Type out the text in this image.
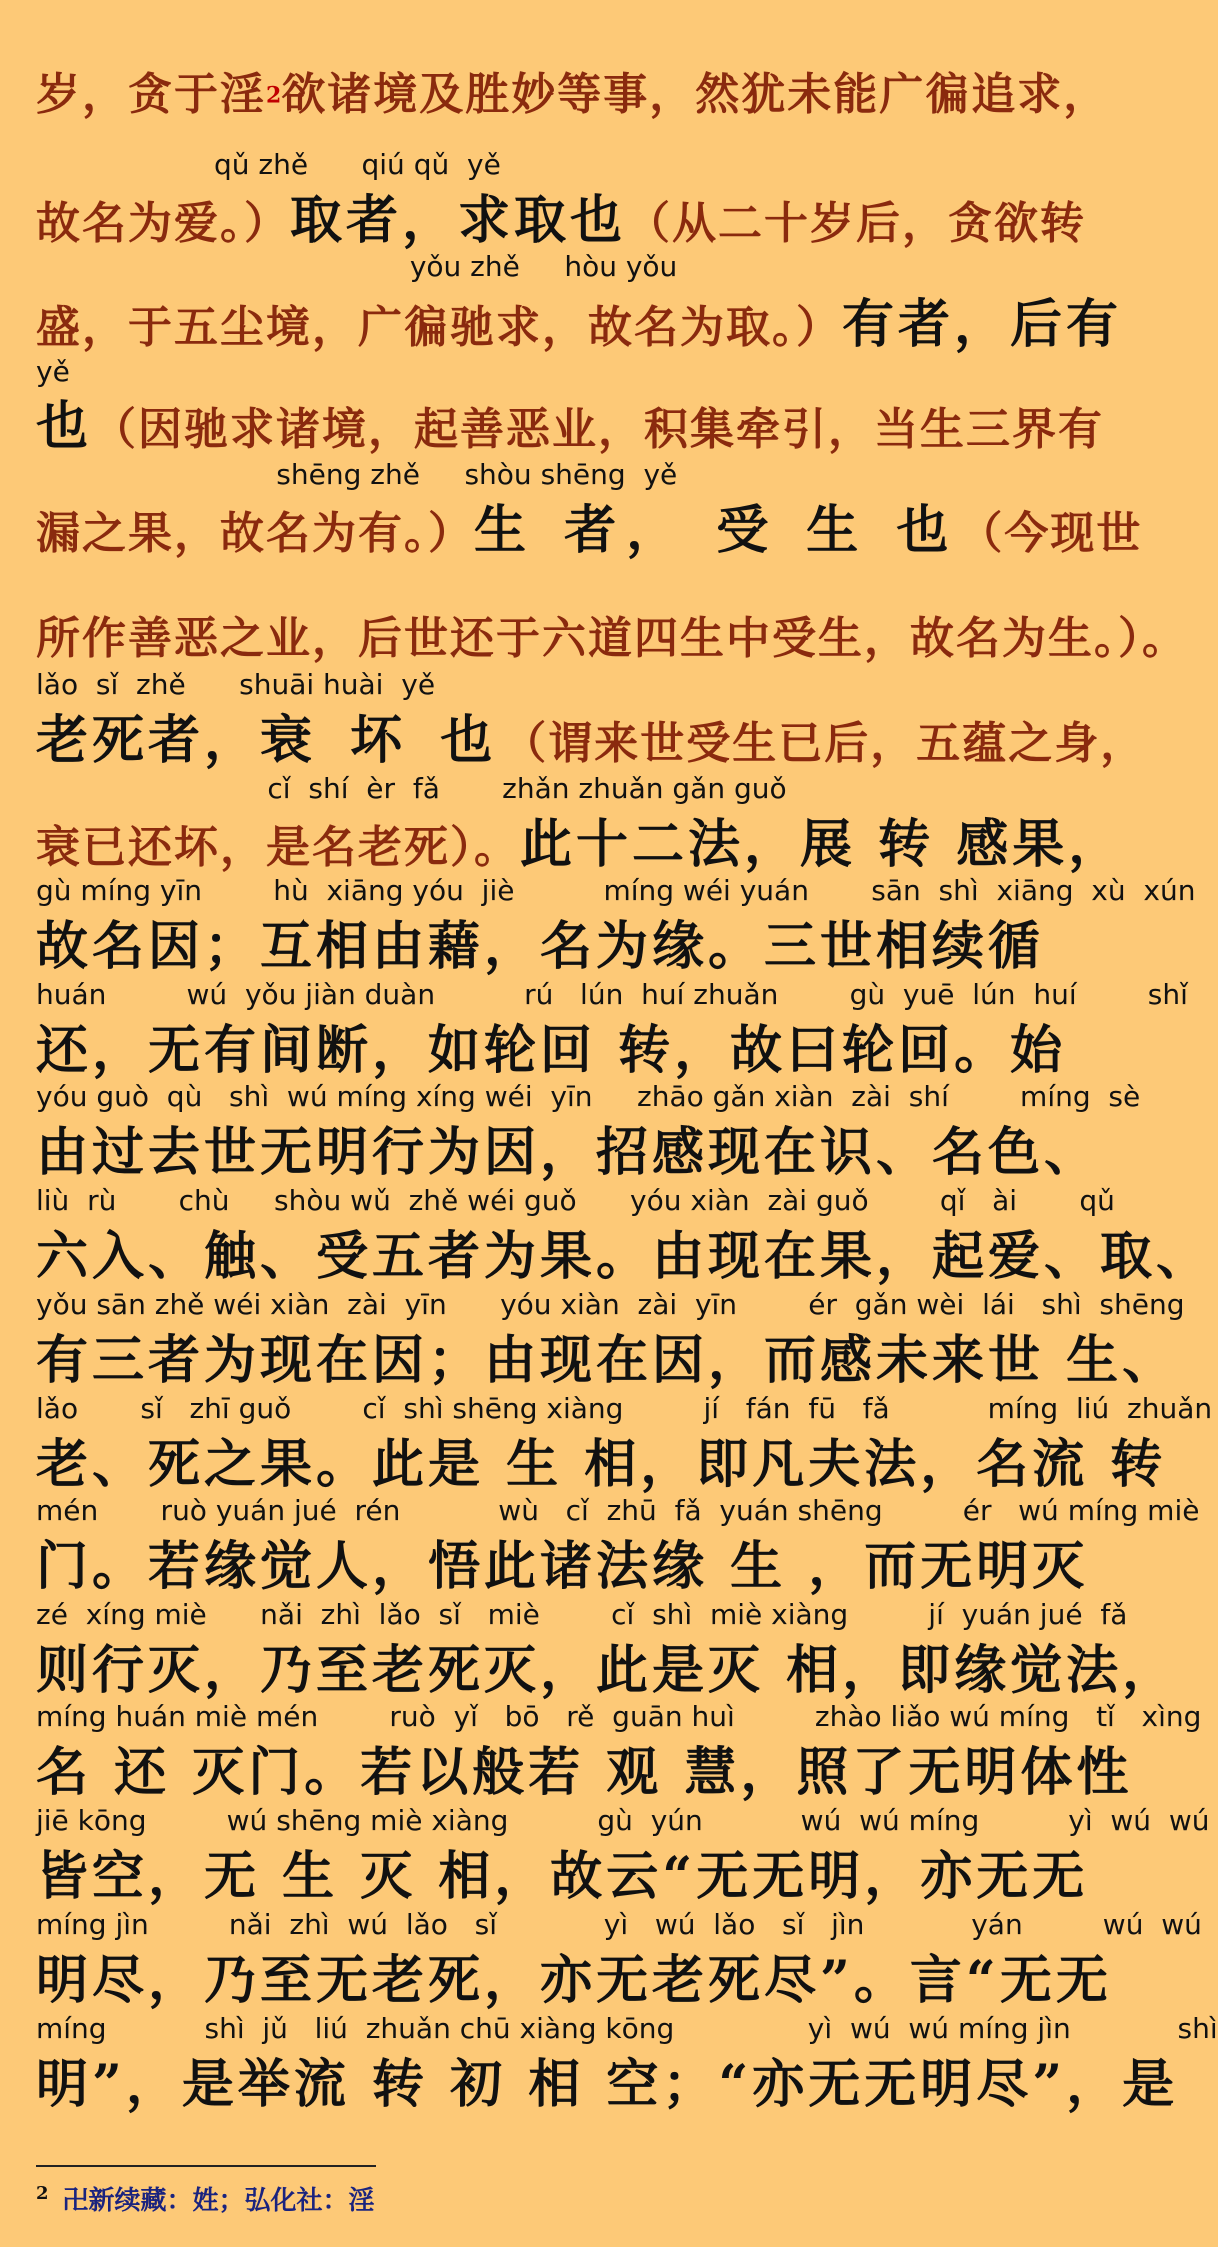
岁，贪于淫$^2$欲诸境及胜妙等事，然犹未能广徧追求，
qǔ zhě      qiú qǔ  yě
故名为爱。）取者，求取也（从二十岁后，贪欲转
yǒu zhě     hòu yǒu
盛，于五尘境，广徧驰求，故名为取。）有者，后有
yě
也（因驰求诸境，起善恶业，积集牵引，当生三界有
shēng zhě     shòu shēng  yě
漏之果，故名为有。）生 者， 受 生 也（今现世
所作善恶之业，后世还于六道四生中受生，故名为生。）。
lǎo  sǐ  zhě      shuāi huài  yě
老死者，衰 坏 也（谓来世受生已后，五蕴之身，
cǐ  shí  èr  fǎ       zhǎn zhuǎn gǎn guǒ
衰已还坏，是名老死）。此十二法，展 转 感果，
gù míng yīn        hù  xiāng yóu  jiè          míng wéi yuán       sān  shì  xiāng  xù  xún
故名因；互相由藉，名为缘。三世相续循
huán         wú  yǒu jiàn duàn          rú   lún  huí zhuǎn        gù  yuē  lún  huí        shǐ
还，无有间断，如轮回 转，故曰轮回。始
yóu guò  qù   shì  wú míng xíng wéi  yīn     zhāo gǎn xiàn  zài  shí        míng  sè
由过去世无明行为因，招感现在识、名色、
liù  rù       chù     shòu wǔ  zhě wéi guǒ      yóu xiàn  zài guǒ        qǐ   ài       qǔ
六入、触、受五者为果。由现在果，起爱、取、
yǒu sān zhě wéi xiàn  zài  yīn      yóu xiàn  zài  yīn        ér  gǎn wèi  lái   shì  shēng
有三者为现在因；由现在因，而感未来世 生、
lǎo       sǐ   zhī guǒ        cǐ  shì shēng xiàng         jí   fán  fū   fǎ           míng  liú  zhuǎn
老、死之果。此是 生 相，即凡夫法，名流 转
mén       ruò yuán jué  rén           wù   cǐ  zhū  fǎ  yuán shēng         ér   wú míng miè
门。若缘觉人，悟此诸法缘 生 ，而无明灭
zé  xíng miè      nǎi  zhì  lǎo  sǐ   miè        cǐ  shì  miè xiàng         jí  yuán jué  fǎ
则行灭，乃至老死灭，此是灭 相，即缘觉法，
míng huán miè mén        ruò  yǐ   bō   rě  guān huì         zhào liǎo wú míng   tǐ   xìng
名 还 灭门。若以般若 观 慧，照了无明体性
jiē kōng         wú shēng miè xiàng          gù  yún           wú  wú míng          yì  wú  wú
皆空，无 生 灭 相，故云“无无明，亦无无
míng jìn         nǎi  zhì  wú  lǎo   sǐ            yì   wú  lǎo   sǐ   jìn            yán         wú  wú
明尽，乃至无老死，亦无老死尽”。言“无无
míng           shì  jǔ   liú  zhuǎn chū xiàng kōng               yì  wú  wú míng jìn            shì
明”，是举流 转 初 相 空；“亦无无明尽”，是
$^2$ 卍新续藏：姓；弘化社：淫
